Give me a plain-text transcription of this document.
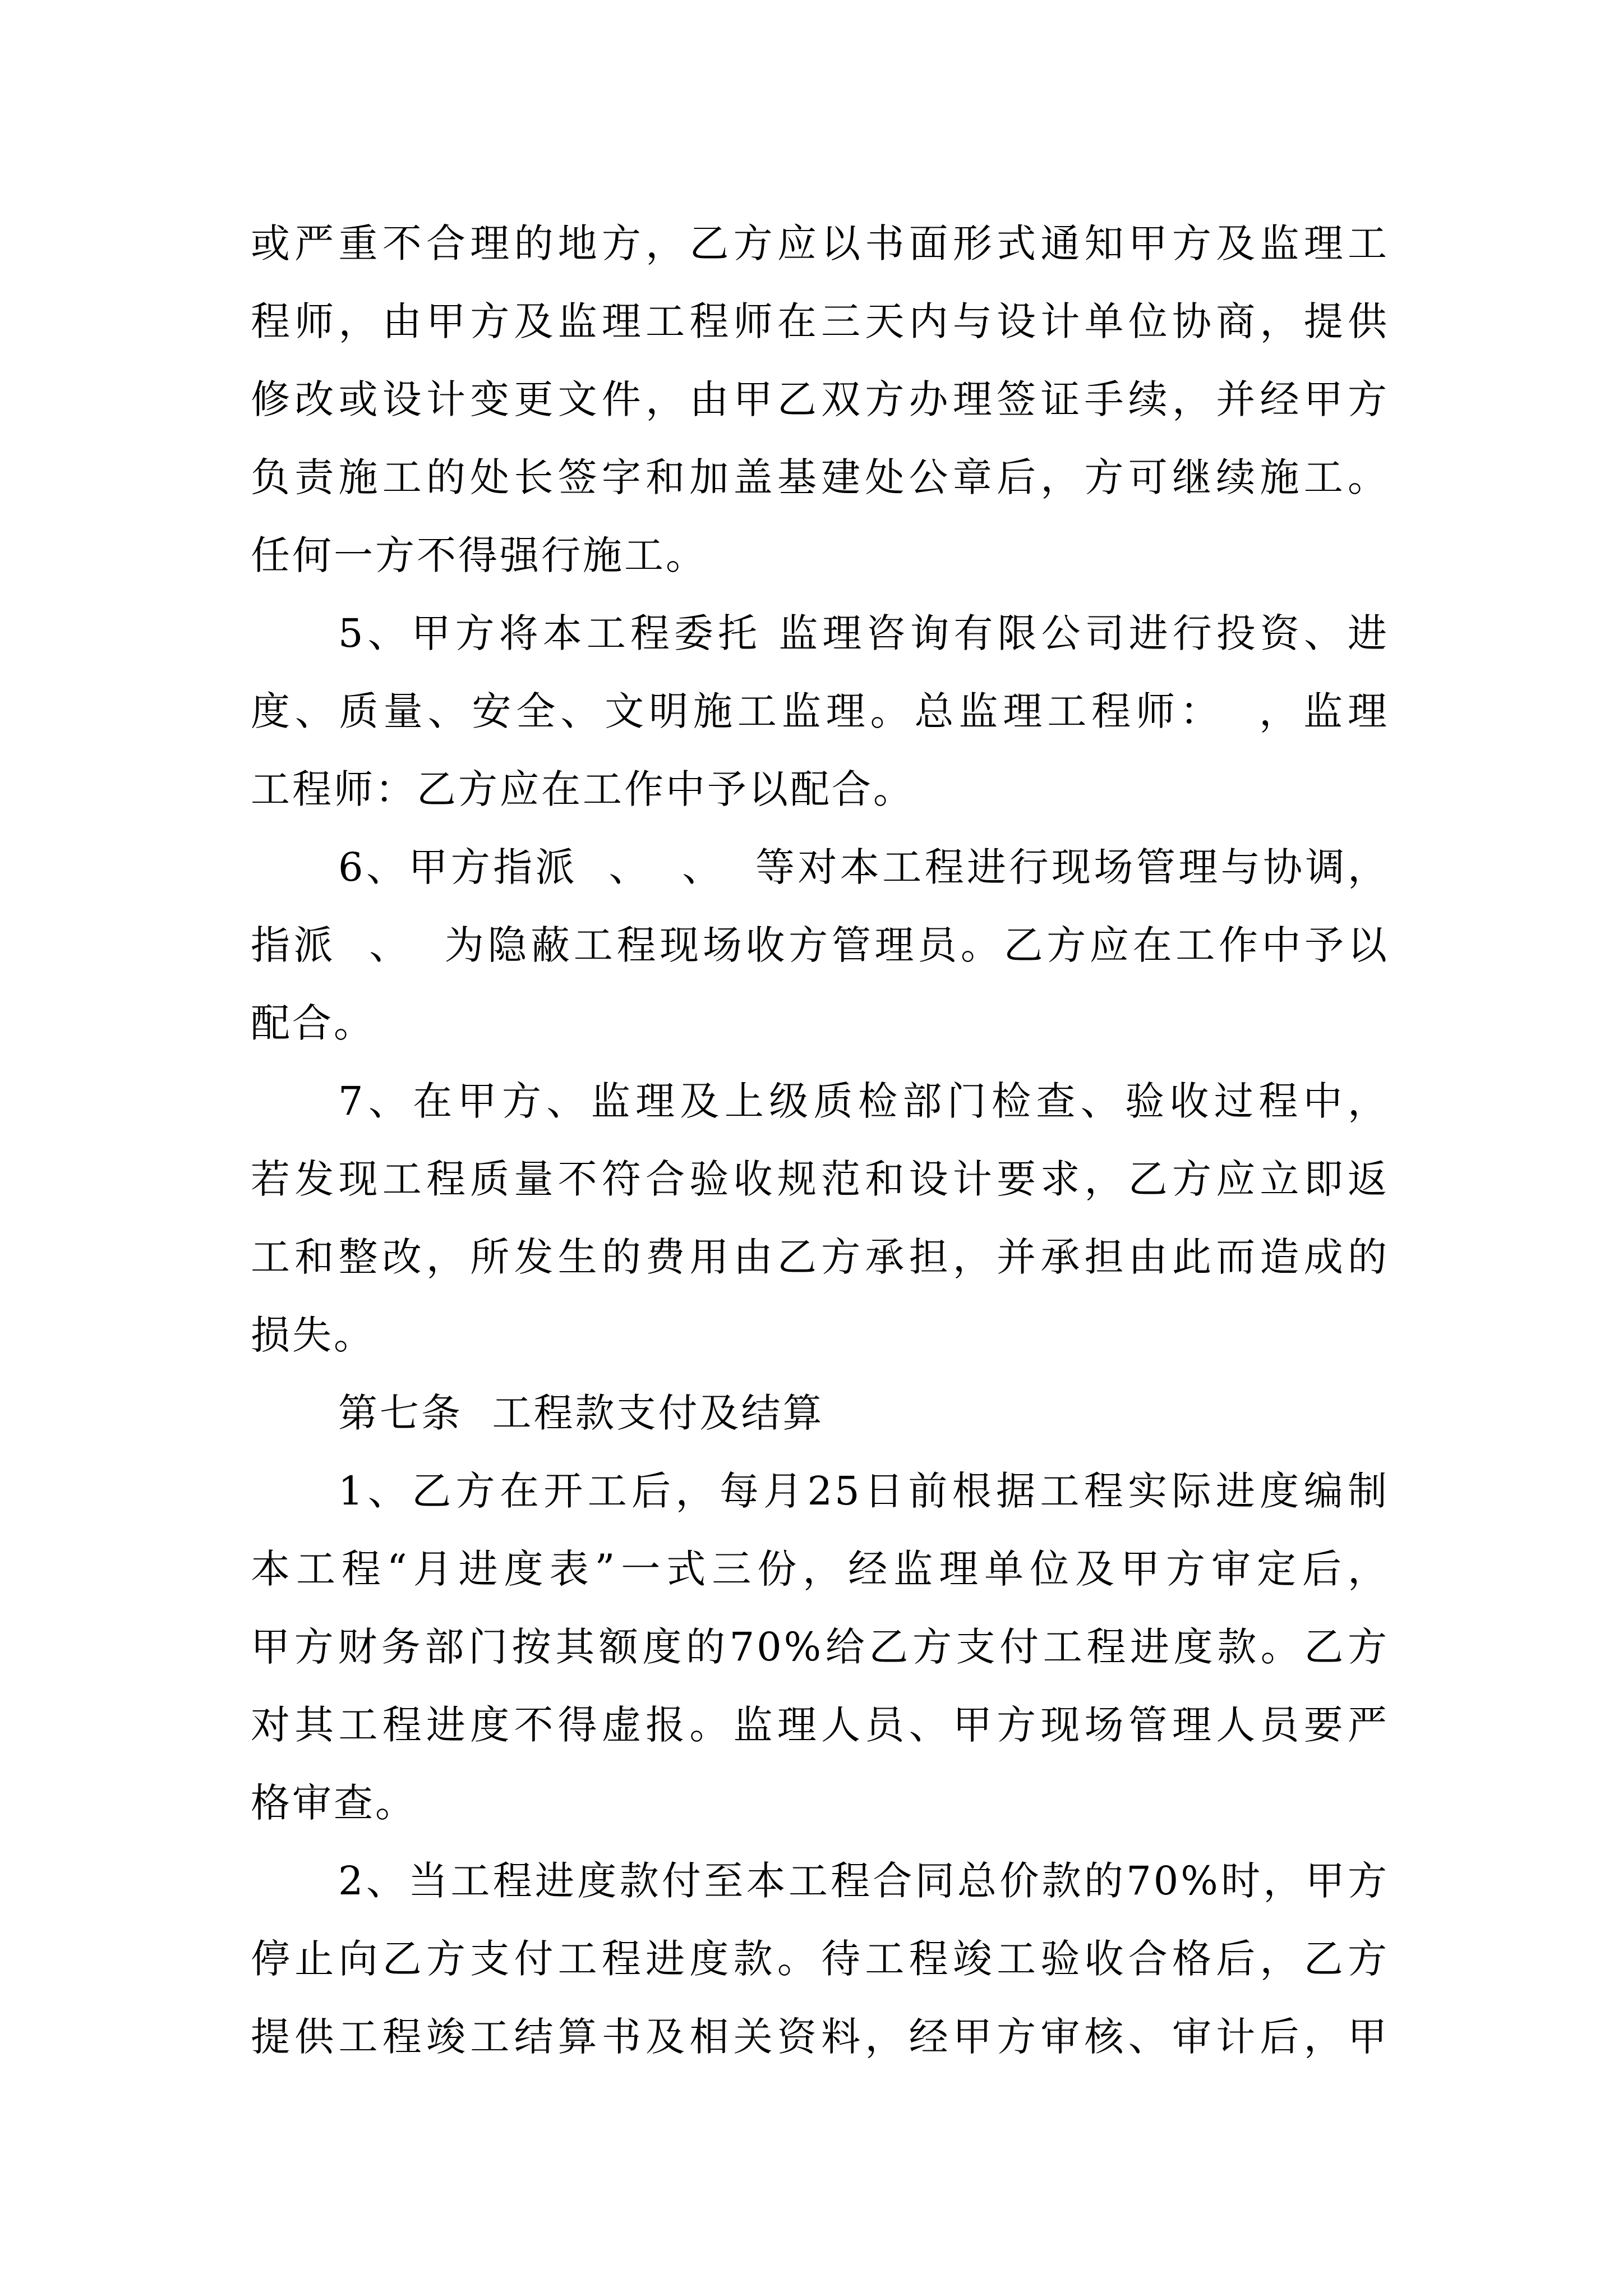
或严重不合理的地方，乙方应以书面形式通知甲方及监理工
程师，由甲方及监理工程师在三天内与设计单位协商，提供
修改或设计变更文件，由甲乙双方办理签证手续，并经甲方
负责施工的处长签字和加盖基建处公章后，方可继续施工。
任何一方不得强行施工。
5、甲方将本工程委托 监理咨询有限公司进行投资、进
度、质量、安全、文明施工监理。总监理工程师：  ，监理
工程师：乙方应在工作中予以配合。
6、甲方指派  、  、  等对本工程进行现场管理与协调，
指派  、  为隐蔽工程现场收方管理员。乙方应在工作中予以
配合。
7、在甲方、监理及上级质检部门检查、验收过程中，
若发现工程质量不符合验收规范和设计要求，乙方应立即返
工和整改，所发生的费用由乙方承担，并承担由此而造成的
损失。
第七条  工程款支付及结算
1、乙方在开工后，每月25日前根据工程实际进度编制
本工程“月进度表”一式三份，经监理单位及甲方审定后，
甲方财务部门按其额度的70%给乙方支付工程进度款。乙方
对其工程进度不得虚报。监理人员、甲方现场管理人员要严
格审查。
2、当工程进度款付至本工程合同总价款的70%时，甲方
停止向乙方支付工程进度款。待工程竣工验收合格后，乙方
提供工程竣工结算书及相关资料，经甲方审核、审计后，甲
